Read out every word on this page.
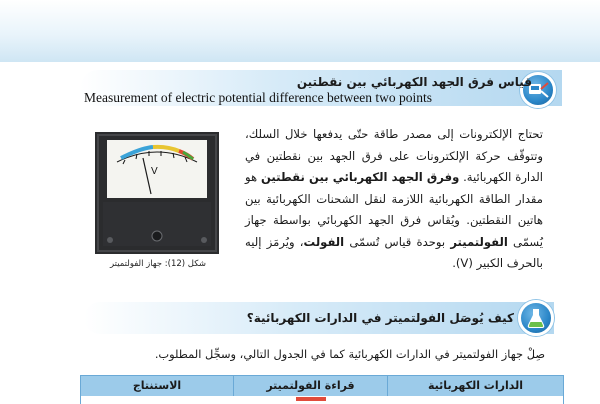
قياس فرق الجهد الكهربائي بين نقطتين
Measurement of electric potential difference between two points
V
شكل (12): جهاز الفولتميتر
تحتاج الإلكترونات إلى مصدر طاقة حتّى يدفعها خلال السلك، وتتوقّف حركة الإلكترونات على فرق الجهد بين نقطتين في الدارة الكهربائية. وفرق الجهد الكهربائي بين نقطتين هو مقدار الطاقة الكهربائية اللازمة لنقل الشحنات الكهربائية بين هاتين النقطتين. ويُقاس فرق الجهد الكهربائي بواسطة جهاز يُسمّى الفولتميتر بوحدة قياس تُسمّى الفولت، ويُرمَز إليه بالحرف الكبير (V).
كيف يُوصَل الفولتميتر في الدارات الكهربائية؟
صِلْ جهاز الفولتميتر في الدارات الكهربائية كما في الجدول التالي، وسجِّل المطلوب.
الدارات الكهربائية
قراءة الفولتميتر
الاستنتاج
